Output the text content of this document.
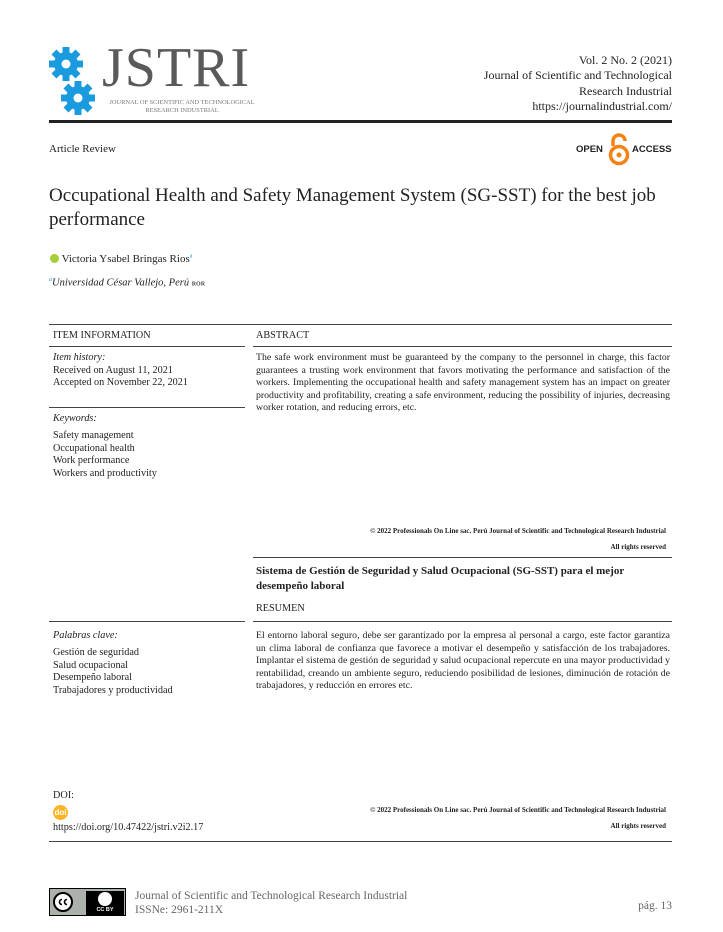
JSTRI
JOURNAL OF SCIENTIFIC AND TECHNOLOGICAL
RESEARCH INDUSTRIAL
Vol. 2 No. 2 (2021)
Journal of Scientific and Technological
Research Industrial
https://journalindustrial.com/
Article Review	OPEN	ACCESS
Occupational Health and Safety Management System (SG-SST) for the best job performance
Victoria Ysabel Bringas Rios$^a$
$^a$Universidad César Vallejo, Perú ROR
ITEM INFORMATION	ABSTRACT
Item history:
Received on August 11, 2021
Accepted on November 22, 2021
Keywords:
Safety management
Occupational health
Work performance
Workers and productivity
The safe work environment must be guaranteed by the company to the personnel in charge, this factor guarantees a trusting work environment that favors motivating the performance and satisfaction of the workers. Implementing the occupational health and safety management system has an impact on greater productivity and profitability, creating a safe environment, reducing the possibility of injuries, decreasing worker rotation, and reducing errors, etc.
© 2022 Professionals On Line sac. Perú Journal of Scientific and Technological Research Industrial
All rights reserved
Sistema de Gestión de Seguridad y Salud Ocupacional (SG-SST) para el mejor desempeño laboral
RESUMEN
Palabras clave:
Gestión de seguridad
Salud ocupacional
Desempeño laboral
Trabajadores y productividad
El entorno laboral seguro, debe ser garantizado por la empresa al personal a cargo, este factor garantiza un clima laboral de confianza que favorece a motivar el desempeño y satisfacción de los trabajadores. Implantar el sistema de gestión de seguridad y salud ocupacional repercute en una mayor productividad y rentabilidad, creando un ambiente seguro, reduciendo posibilidad de lesiones, diminución de rotación de trabajadores, y reducción en errores etc.
DOI:
doi
https://doi.org/10.47422/jstri.v2i2.17
© 2022 Professionals On Line sac. Perú Journal of Scientific and Technological Research Industrial
All rights reserved
CC BY
Journal of Scientific and Technological Research Industrial
ISSNe: 2961-211X	pág. 13
